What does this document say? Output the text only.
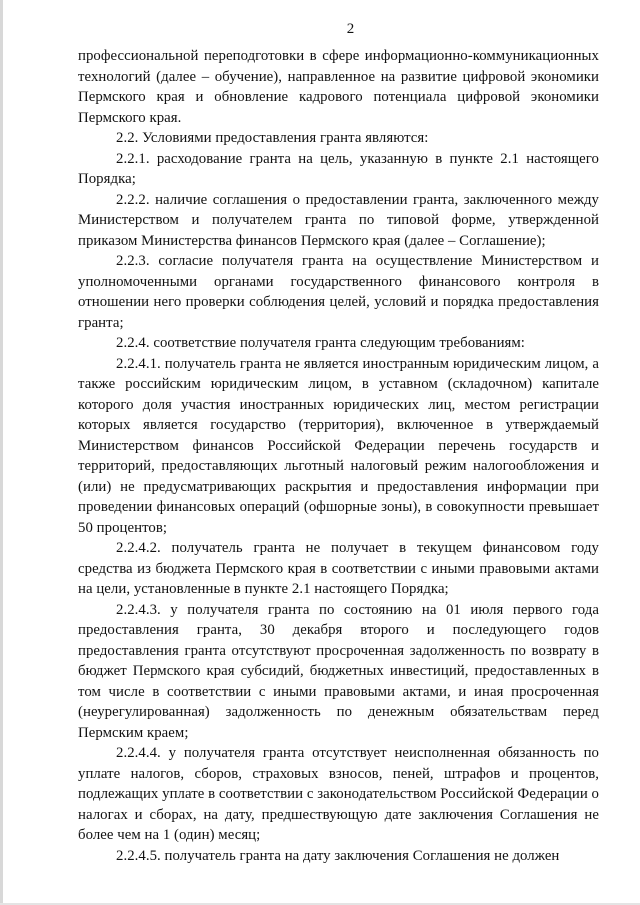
2

профессиональной переподготовки в сфере информационно-коммуникационных технологий (далее – обучение), направленное на развитие цифровой экономики Пермского края и обновление кадрового потенциала цифровой экономики Пермского края.

2.2. Условиями предоставления гранта являются:

2.2.1. расходование гранта на цель, указанную в пункте 2.1 настоящего Порядка;

2.2.2. наличие соглашения о предоставлении гранта, заключенного между Министерством и получателем гранта по типовой форме, утвержденной приказом Министерства финансов Пермского края (далее – Соглашение);

2.2.3. согласие получателя гранта на осуществление Министерством и уполномоченными органами государственного финансового контроля в отношении него проверки соблюдения целей, условий и порядка предоставления гранта;

2.2.4. соответствие получателя гранта следующим требованиям:

2.2.4.1. получатель гранта не является иностранным юридическим лицом, а также российским юридическим лицом, в уставном (складочном) капитале которого доля участия иностранных юридических лиц, местом регистрации которых является государство (территория), включенное в утверждаемый Министерством финансов Российской Федерации перечень государств и территорий, предоставляющих льготный налоговый режим налогообложения и (или) не предусматривающих раскрытия и предоставления информации при проведении финансовых операций (офшорные зоны), в совокупности превышает 50 процентов;

2.2.4.2. получатель гранта не получает в текущем финансовом году средства из бюджета Пермского края в соответствии с иными правовыми актами на цели, установленные в пункте 2.1 настоящего Порядка;

2.2.4.3. у получателя гранта по состоянию на 01 июля первого года предоставления гранта, 30 декабря второго и последующего годов предоставления гранта отсутствуют просроченная задолженность по возврату в бюджет Пермского края субсидий, бюджетных инвестиций, предоставленных в том числе в соответствии с иными правовыми актами, и иная просроченная (неурегулированная) задолженность по денежным обязательствам перед Пермским краем;

2.2.4.4. у получателя гранта отсутствует неисполненная обязанность по уплате налогов, сборов, страховых взносов, пеней, штрафов и процентов, подлежащих уплате в соответствии с законодательством Российской Федерации о налогах и сборах, на дату, предшествующую дате заключения Соглашения не более чем на 1 (один) месяц;

2.2.4.5. получатель гранта на дату заключения Соглашения не должен
